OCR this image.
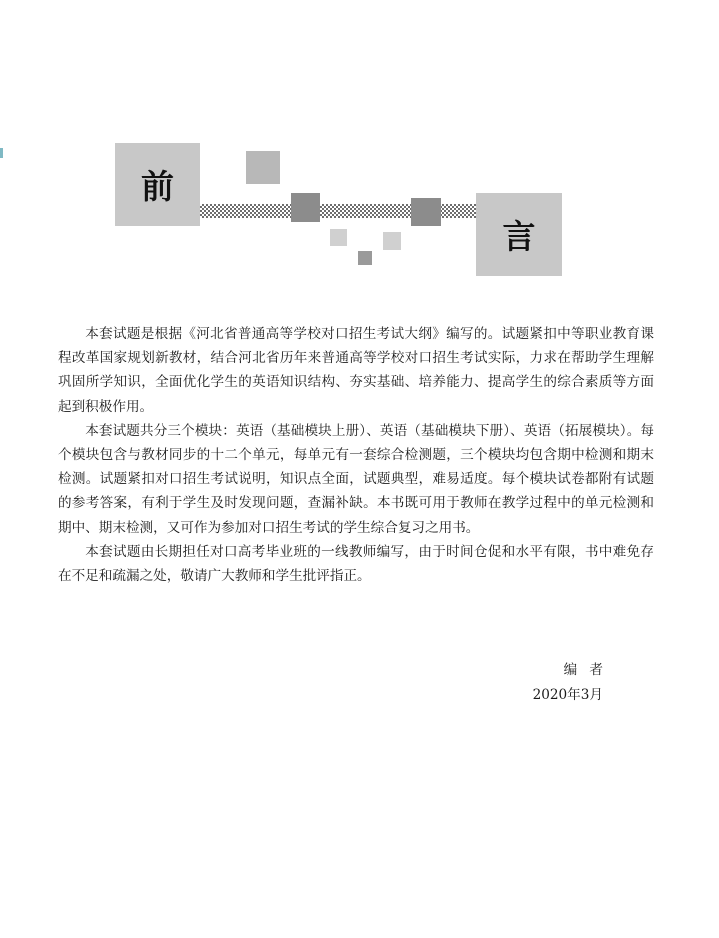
前
言

本套试题是根据《河北省普通高等学校对口招生考试大纲》编写的。试题紧扣中等职业教育课程改革国家规划新教材，结合河北省历年来普通高等学校对口招生考试实际，力求在帮助学生理解巩固所学知识，全面优化学生的英语知识结构、夯实基础、培养能力、提高学生的综合素质等方面起到积极作用。

本套试题共分三个模块：英语（基础模块上册）、英语（基础模块下册）、英语（拓展模块）。每个模块包含与教材同步的十二个单元，每单元有一套综合检测题，三个模块均包含期中检测和期末检测。试题紧扣对口招生考试说明，知识点全面，试题典型，难易适度。每个模块试卷都附有试题的参考答案，有利于学生及时发现问题，查漏补缺。本书既可用于教师在教学过程中的单元检测和期中、期末检测，又可作为参加对口招生考试的学生综合复习之用书。

本套试题由长期担任对口高考毕业班的一线教师编写，由于时间仓促和水平有限，书中难免存在不足和疏漏之处，敬请广大教师和学生批评指正。

编者
2020年3月
